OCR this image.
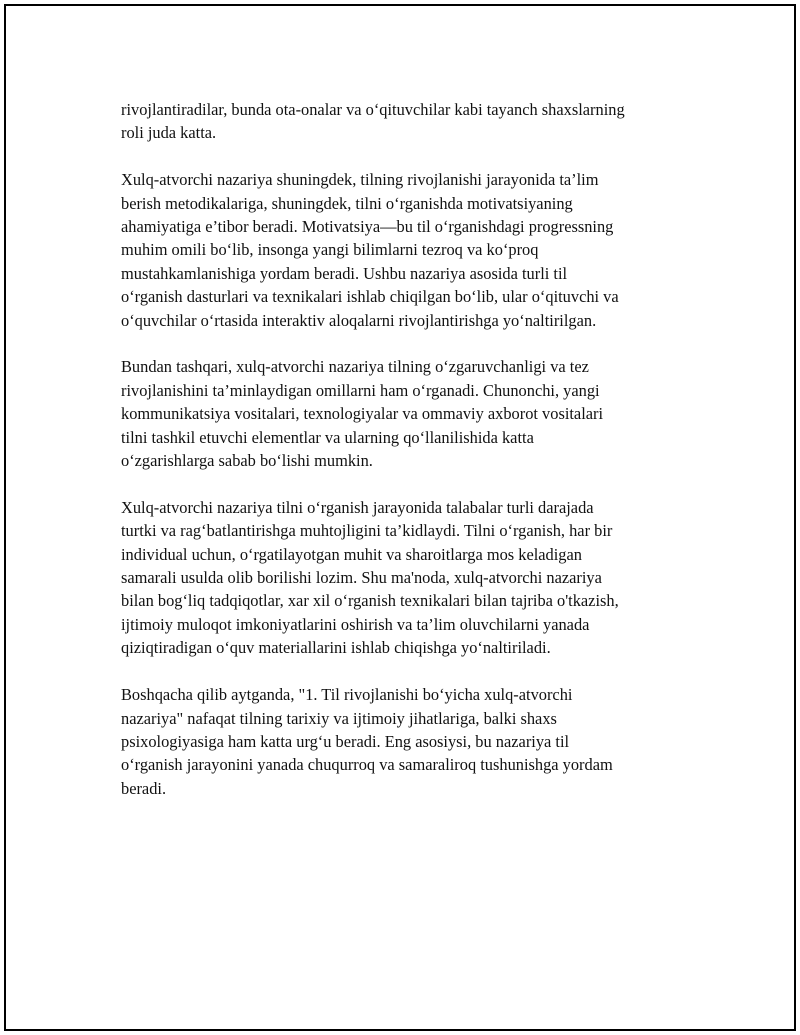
rivojlantiradilar, bunda ota-onalar va o‘qituvchilar kabi tayanch shaxslarning
roli juda katta.

Xulq-atvorchi nazariya shuningdek, tilning rivojlanishi jarayonida ta’lim
berish metodikalariga, shuningdek, tilni o‘rganishda motivatsiyaning
ahamiyatiga e’tibor beradi. Motivatsiya—bu til o‘rganishdagi progressning
muhim omili bo‘lib, insonga yangi bilimlarni tezroq va ko‘proq
mustahkamlanishiga yordam beradi. Ushbu nazariya asosida turli til
o‘rganish dasturlari va texnikalari ishlab chiqilgan bo‘lib, ular o‘qituvchi va
o‘quvchilar o‘rtasida interaktiv aloqalarni rivojlantirishga yo‘naltirilgan.

Bundan tashqari, xulq-atvorchi nazariya tilning o‘zgaruvchanligi va tez
rivojlanishini ta’minlaydigan omillarni ham o‘rganadi. Chunonchi, yangi
kommunikatsiya vositalari, texnologiyalar va ommaviy axborot vositalari
tilni tashkil etuvchi elementlar va ularning qo‘llanilishida katta
o‘zgarishlarga sabab bo‘lishi mumkin.

Xulq-atvorchi nazariya tilni o‘rganish jarayonida talabalar turli darajada
turtki va rag‘batlantirishga muhtojligini ta’kidlaydi. Tilni o‘rganish, har bir
individual uchun, o‘rgatilayotgan muhit va sharoitlarga mos keladigan
samarali usulda olib borilishi lozim. Shu ma'noda, xulq-atvorchi nazariya
bilan bog‘liq tadqiqotlar, xar xil o‘rganish texnikalari bilan tajriba o'tkazish,
ijtimoiy muloqot imkoniyatlarini oshirish va ta’lim oluvchilarni yanada
qiziqtiradigan o‘quv materiallarini ishlab chiqishga yo‘naltiriladi.

Boshqacha qilib aytganda, "1. Til rivojlanishi bo‘yicha xulq-atvorchi
nazariya" nafaqat tilning tarixiy va ijtimoiy jihatlariga, balki shaxs
psixologiyasiga ham katta urg‘u beradi. Eng asosiysi, bu nazariya til
o‘rganish jarayonini yanada chuqurroq va samaraliroq tushunishga yordam
beradi.
